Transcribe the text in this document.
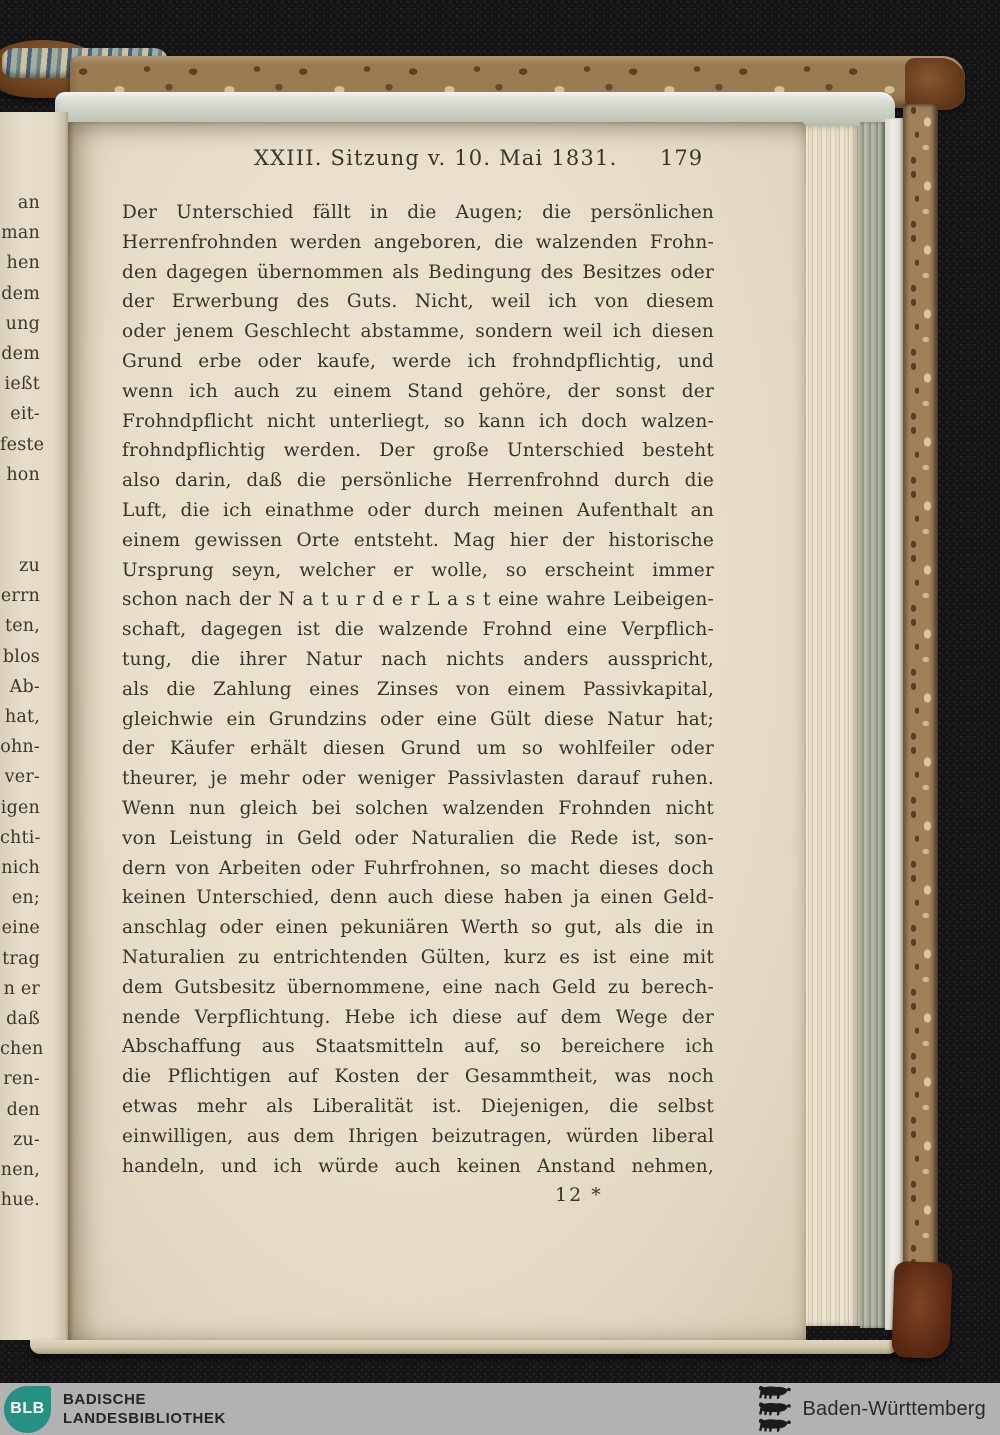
an
man
hen
dem
ung
dem
ießt
eit-
feste
hon
zu
errn
ten,
blos
Ab-
hat,
ohn-
ver-
igen
chti-
nich
en;
eine
trag
n er
daß
chen
ren-
den
zu-
nen,
hue.
XXIII. Sitzung v. 10. Mai 1831. 179
Der Unterschied fällt in die Augen; die persönlichen
Herrenfrohnden werden angeboren, die walzenden Frohn-
den dagegen übernommen als Bedingung des Besitzes oder
der Erwerbung des Guts. Nicht, weil ich von diesem
oder jenem Geschlecht abstamme, sondern weil ich diesen
Grund erbe oder kaufe, werde ich frohndpflichtig, und
wenn ich auch zu einem Stand gehöre, der sonst der
Frohndpflicht nicht unterliegt, so kann ich doch walzen-
frohndpflichtig werden. Der große Unterschied besteht
also darin, daß die persönliche Herrenfrohnd durch die
Luft, die ich einathme oder durch meinen Aufenthalt an
einem gewissen Orte entsteht. Mag hier der historische
Ursprung seyn, welcher er wolle, so erscheint immer
schon nach der N a t u r d e r L a s t eine wahre Leibeigen-
schaft, dagegen ist die walzende Frohnd eine Verpflich-
tung, die ihrer Natur nach nichts anders ausspricht,
als die Zahlung eines Zinses von einem Passivkapital,
gleichwie ein Grundzins oder eine Gült diese Natur hat;
der Käufer erhält diesen Grund um so wohlfeiler oder
theurer, je mehr oder weniger Passivlasten darauf ruhen.
Wenn nun gleich bei solchen walzenden Frohnden nicht
von Leistung in Geld oder Naturalien die Rede ist, son-
dern von Arbeiten oder Fuhrfrohnen, so macht dieses doch
keinen Unterschied, denn auch diese haben ja einen Geld-
anschlag oder einen pekuniären Werth so gut, als die in
Naturalien zu entrichtenden Gülten, kurz es ist eine mit
dem Gutsbesitz übernommene, eine nach Geld zu berech-
nende Verpflichtung. Hebe ich diese auf dem Wege der
Abschaffung aus Staatsmitteln auf, so bereichere ich
die Pflichtigen auf Kosten der Gesammtheit, was noch
etwas mehr als Liberalität ist. Diejenigen, die selbst
einwilligen, aus dem Ihrigen beizutragen, würden liberal
handeln, und ich würde auch keinen Anstand nehmen,
12 *
BLB
BADISCHE
LANDESBIBLIOTHEK	Baden-Württemberg
